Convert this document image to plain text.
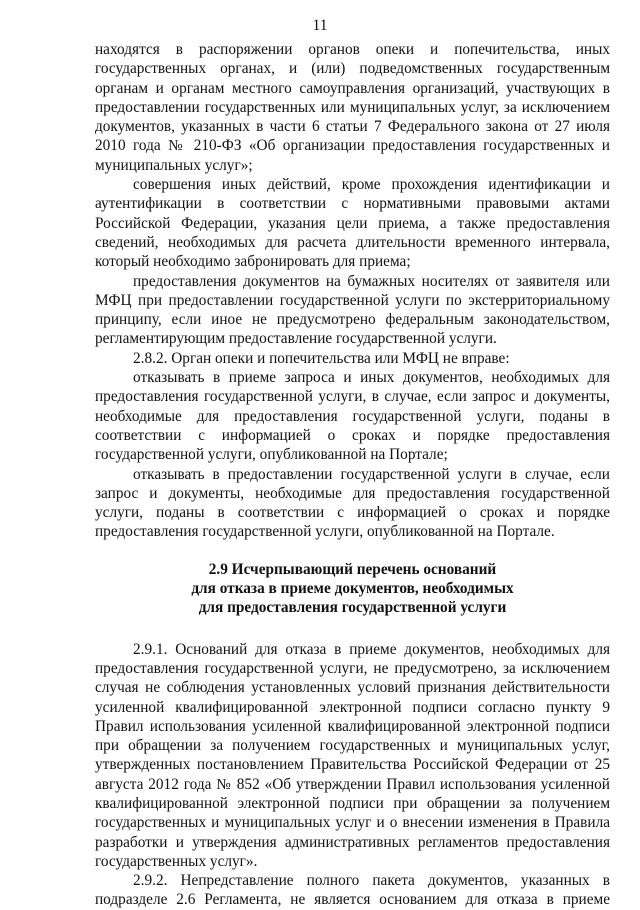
11

находятся в распоряжении органов опеки и попечительства, иных государственных органах, и (или) подведомственных государственным органам и органам местного самоуправления организаций, участвующих в предоставлении государственных или муниципальных услуг, за исключением документов, указанных в части 6 статьи 7 Федерального закона от 27 июля 2010 года № 210-ФЗ «Об организации предоставления государственных и муниципальных услуг»;

совершения иных действий, кроме прохождения идентификации и аутентификации в соответствии с нормативными правовыми актами Российской Федерации, указания цели приема, а также предоставления сведений, необходимых для расчета длительности временного интервала, который необходимо забронировать для приема;

предоставления документов на бумажных носителях от заявителя или МФЦ при предоставлении государственной услуги по экстерриториальному принципу, если иное не предусмотрено федеральным законодательством, регламентирующим предоставление государственной услуги.

2.8.2. Орган опеки и попечительства или МФЦ не вправе:

отказывать в приеме запроса и иных документов, необходимых для предоставления государственной услуги, в случае, если запрос и документы, необходимые для предоставления государственной услуги, поданы в соответствии с информацией о сроках и порядке предоставления государственной услуги, опубликованной на Портале;

отказывать в предоставлении государственной услуги в случае, если запрос и документы, необходимые для предоставления государственной услуги, поданы в соответствии с информацией о сроках и порядке предоставления государственной услуги, опубликованной на Портале.

2.9 Исчерпывающий перечень оснований
для отказа в приеме документов, необходимых
для предоставления государственной услуги

2.9.1. Оснований для отказа в приеме документов, необходимых для предоставления государственной услуги, не предусмотрено, за исключением случая не соблюдения установленных условий признания действительности усиленной квалифицированной электронной подписи согласно пункту 9 Правил использования усиленной квалифицированной электронной подписи при обращении за получением государственных и муниципальных услуг, утвержденных постановлением Правительства Российской Федерации от 25 августа 2012 года № 852 «Об утверждении Правил использования усиленной квалифицированной электронной подписи при обращении за получением государственных и муниципальных услуг и о внесении изменения в Правила разработки и утверждения административных регламентов предоставления государственных услуг».

2.9.2. Непредставление полного пакета документов, указанных в подразделе 2.6 Регламента, не является основанием для отказа в приеме
